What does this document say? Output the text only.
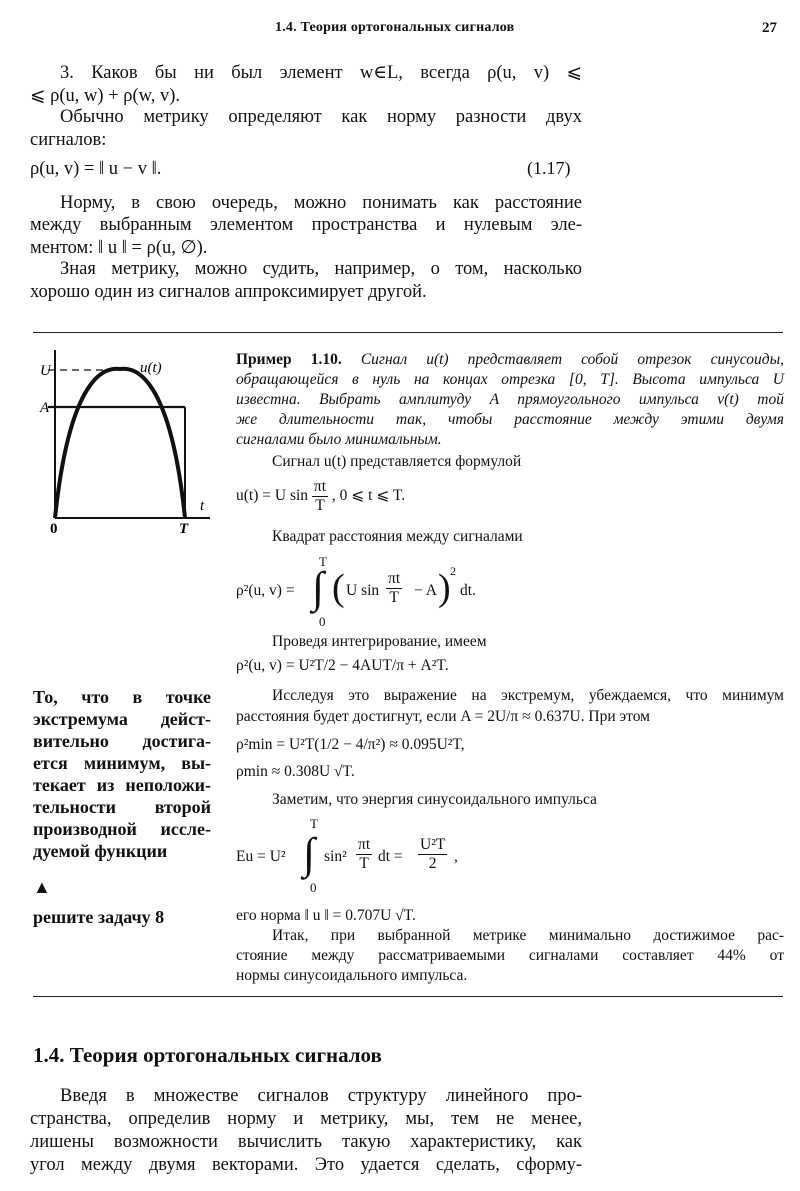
1.4. Теория ортогональных сигналов	27
3. Каков бы ни был элемент w∈L, всегда ρ(u, v) ⩽
⩽ ρ(u, w) + ρ(w, v).
Обычно метрику определяют как норму разности двух
сигналов:
ρ(u, v) = ‖ u − v ‖.	(1.17)
Норму, в свою очередь, можно понимать как расстояние
между выбранным элементом пространства и нулевым эле-
ментом: ‖ u ‖ = ρ(u, ∅).
Зная метрику, можно судить, например, о том, насколько
хорошо один из сигналов аппроксимирует другой.
U
A
u(t)
t
0	T
Пример 1.10. Сигнал u(t) представляет собой отрезок синусоиды,
обращающейся в нуль на концах отрезка [0, T]. Высота импульса U
известна. Выбрать амплитуду A прямоугольного импульса v(t) той
же длительности так, чтобы расстояние между этими двумя
сигналами было минимальным.
Сигнал u(t) представляется формулой
u(t) = U $\sin \frac{\pi t}{T}$ , 0 ⩽ t ⩽ T.
Квадрат расстояния между сигналами
ρ²(u, v) =
T
∫
0
( U $\sin \frac{\pi t}{T} - A$ ) 2
dt.
Проведя интегрирование, имеем
ρ²(u, v) = U²T/2 − 4AUT/π + A²T.
Исследуя это выражение на экстремум, убеждаемся, что минимум
расстояния будет достигнут, если A = 2U/π ≈ 0.637U. При этом
ρ²min = U²T(1/2 − 4/π²) ≈ 0.095U²T,
ρmin ≈ 0.308U √T.
Заметим, что энергия синусоидального импульса
Eu = U²
T
∫
0
$\sin^2 \frac{\pi t}{T}$ dt = $\frac{\text{U²T}}{2}$ ,
его норма ‖ u ‖ = 0.707U √T.
Итак, при выбранной метрике минимально достижимое рас-
стояние между рассматриваемыми сигналами составляет 44% от
нормы синусоидального импульса.
То, что в точке
экстремума дейст-
вительно достига-
ется минимум, вы-
текает из неположи-
тельности второй
производной иссле-
дуемой функции
▲
решите задачу 8
1.4. Теория ортогональных сигналов
Введя в множестве сигналов структуру линейного про-
странства, определив норму и метрику, мы, тем не менее,
лишены возможности вычислить такую характеристику, как
угол между двумя векторами. Это удается сделать, сформу-
